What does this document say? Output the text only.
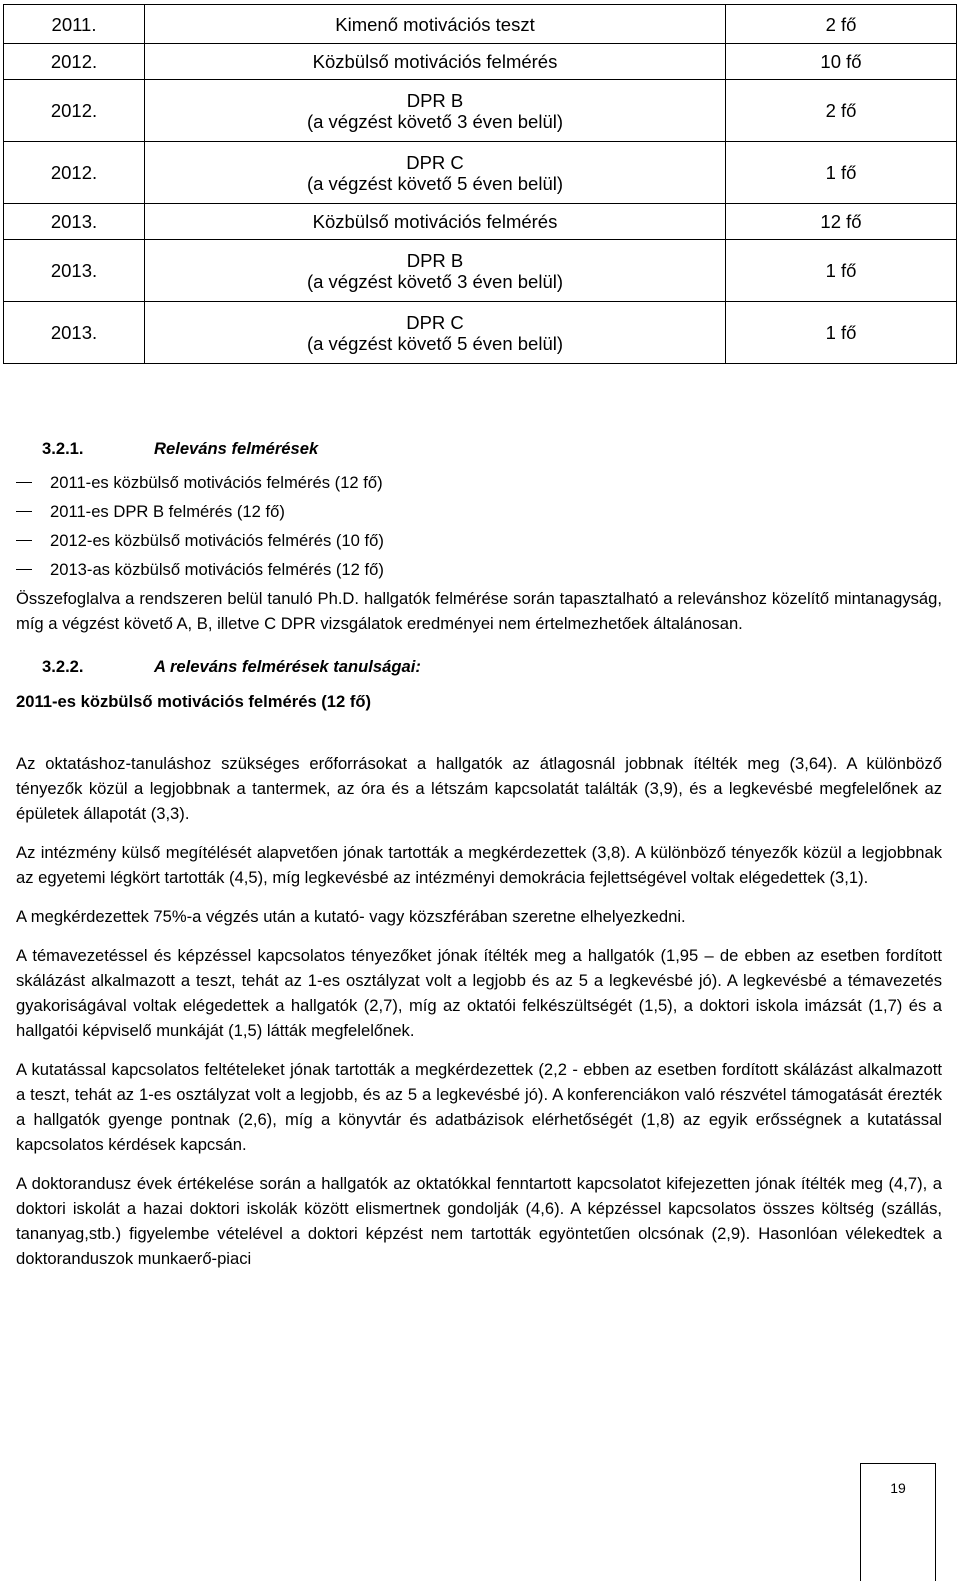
2011.	Kimenő motivációs teszt	2 fő
2012.	Közbülső motivációs felmérés	10 fő
2012.	DPR B
(a végzést követő 3 éven belül)	2 fő
2012.	DPR C
(a végzést követő 5 éven belül)	1 fő
2013.	Közbülső motivációs felmérés	12 fő
2013.	DPR B
(a végzést követő 3 éven belül)	1 fő
2013.	DPR C
(a végzést követő 5 éven belül)	1 fő
3.2.1.	Releváns felmérések
2011-es közbülső motivációs felmérés (12 fő)
2011-es DPR B felmérés (12 fő)
2012-es közbülső motivációs felmérés (10 fő)
2013-as közbülső motivációs felmérés (12 fő)

Összefoglalva a rendszeren belül tanuló Ph.D. hallgatók felmérése során tapasztalható a relevánshoz közelítő mintanagyság, míg a végzést követő A, B, illetve C DPR vizsgálatok eredményei nem értelmezhetőek általánosan.

3.2.2.	A releváns felmérések tanulságai:
2011-es közbülső motivációs felmérés (12 fő)

Az oktatáshoz-tanuláshoz szükséges erőforrásokat a hallgatók az átlagosnál jobbnak ítélték meg (3,64). A különböző tényezők közül a legjobbnak a tantermek, az óra és a létszám kapcsolatát találták (3,9), és a legkevésbé megfelelőnek az épületek állapotát (3,3).

Az intézmény külső megítélését alapvetően jónak tartották a megkérdezettek (3,8). A különböző tényezők közül a legjobbnak az egyetemi légkört tartották (4,5), míg legkevésbé az intézményi demokrácia fejlettségével voltak elégedettek (3,1).

A megkérdezettek 75%-a végzés után a kutató- vagy közszférában szeretne elhelyezkedni.

A témavezetéssel és képzéssel kapcsolatos tényezőket jónak ítélték meg a hallgatók (1,95 – de ebben az esetben fordított skálázást alkalmazott a teszt, tehát az 1-es osztályzat volt a legjobb és az 5 a legkevésbé jó). A legkevésbé a témavezetés gyakoriságával voltak elégedettek a hallgatók (2,7), míg az oktatói felkészültségét (1,5), a doktori iskola imázsát (1,7) és a hallgatói képviselő munkáját (1,5) látták megfelelőnek.

A kutatással kapcsolatos feltételeket jónak tartották a megkérdezettek (2,2 - ebben az esetben fordított skálázást alkalmazott a teszt, tehát az 1-es osztályzat volt a legjobb, és az 5 a legkevésbé jó). A konferenciákon való részvétel támogatását érezték a hallgatók gyenge pontnak (2,6), míg a könyvtár és adatbázisok elérhetőségét (1,8) az egyik erősségnek a kutatással kapcsolatos kérdések kapcsán.

A doktorandusz évek értékelése során a hallgatók az oktatókkal fenntartott kapcsolatot kifejezetten jónak ítélték meg (4,7), a doktori iskolát a hazai doktori iskolák között elismertnek gondolják (4,6). A képzéssel kapcsolatos összes költség (szállás, tananyag,stb.) figyelembe vételével a doktori képzést nem tartották egyöntetűen olcsónak (2,9). Hasonlóan vélekedtek a doktoranduszok munkaerő-piaci

19
